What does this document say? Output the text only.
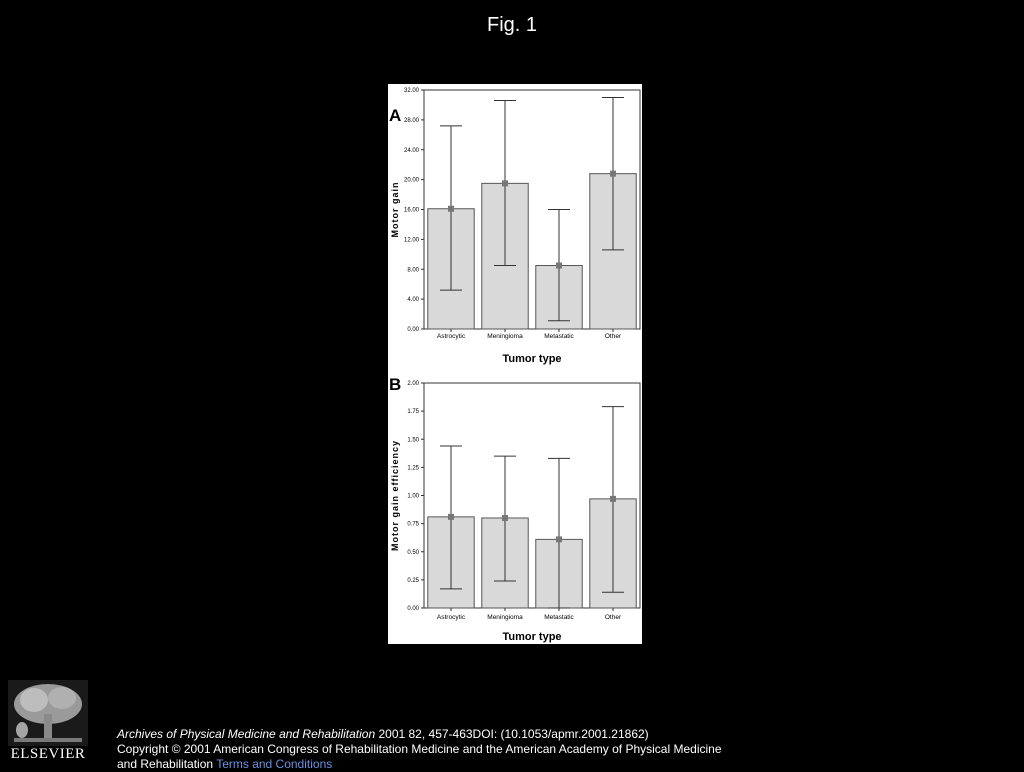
Fig. 1
A
0.00
4.00
8.00
12.00
16.00
20.00
24.00
28.00
32.00
Motor gain
Astrocytic	Meningioma	Metastatic	Other
Tumor type
B
0.00
0.25
0.50
0.75
1.00
1.25
1.50
1.75
2.00
Motor gain efficiency
Astrocytic	Meningioma	Metastatic	Other
Tumor type
ELSEVIER
Archives of Physical Medicine and Rehabilitation 2001 82, 457-463DOI: (10.1053/apmr.2001.21862)
Copyright © 2001 American Congress of Rehabilitation Medicine and the American Academy of Physical Medicine and Rehabilitation Terms and Conditions
